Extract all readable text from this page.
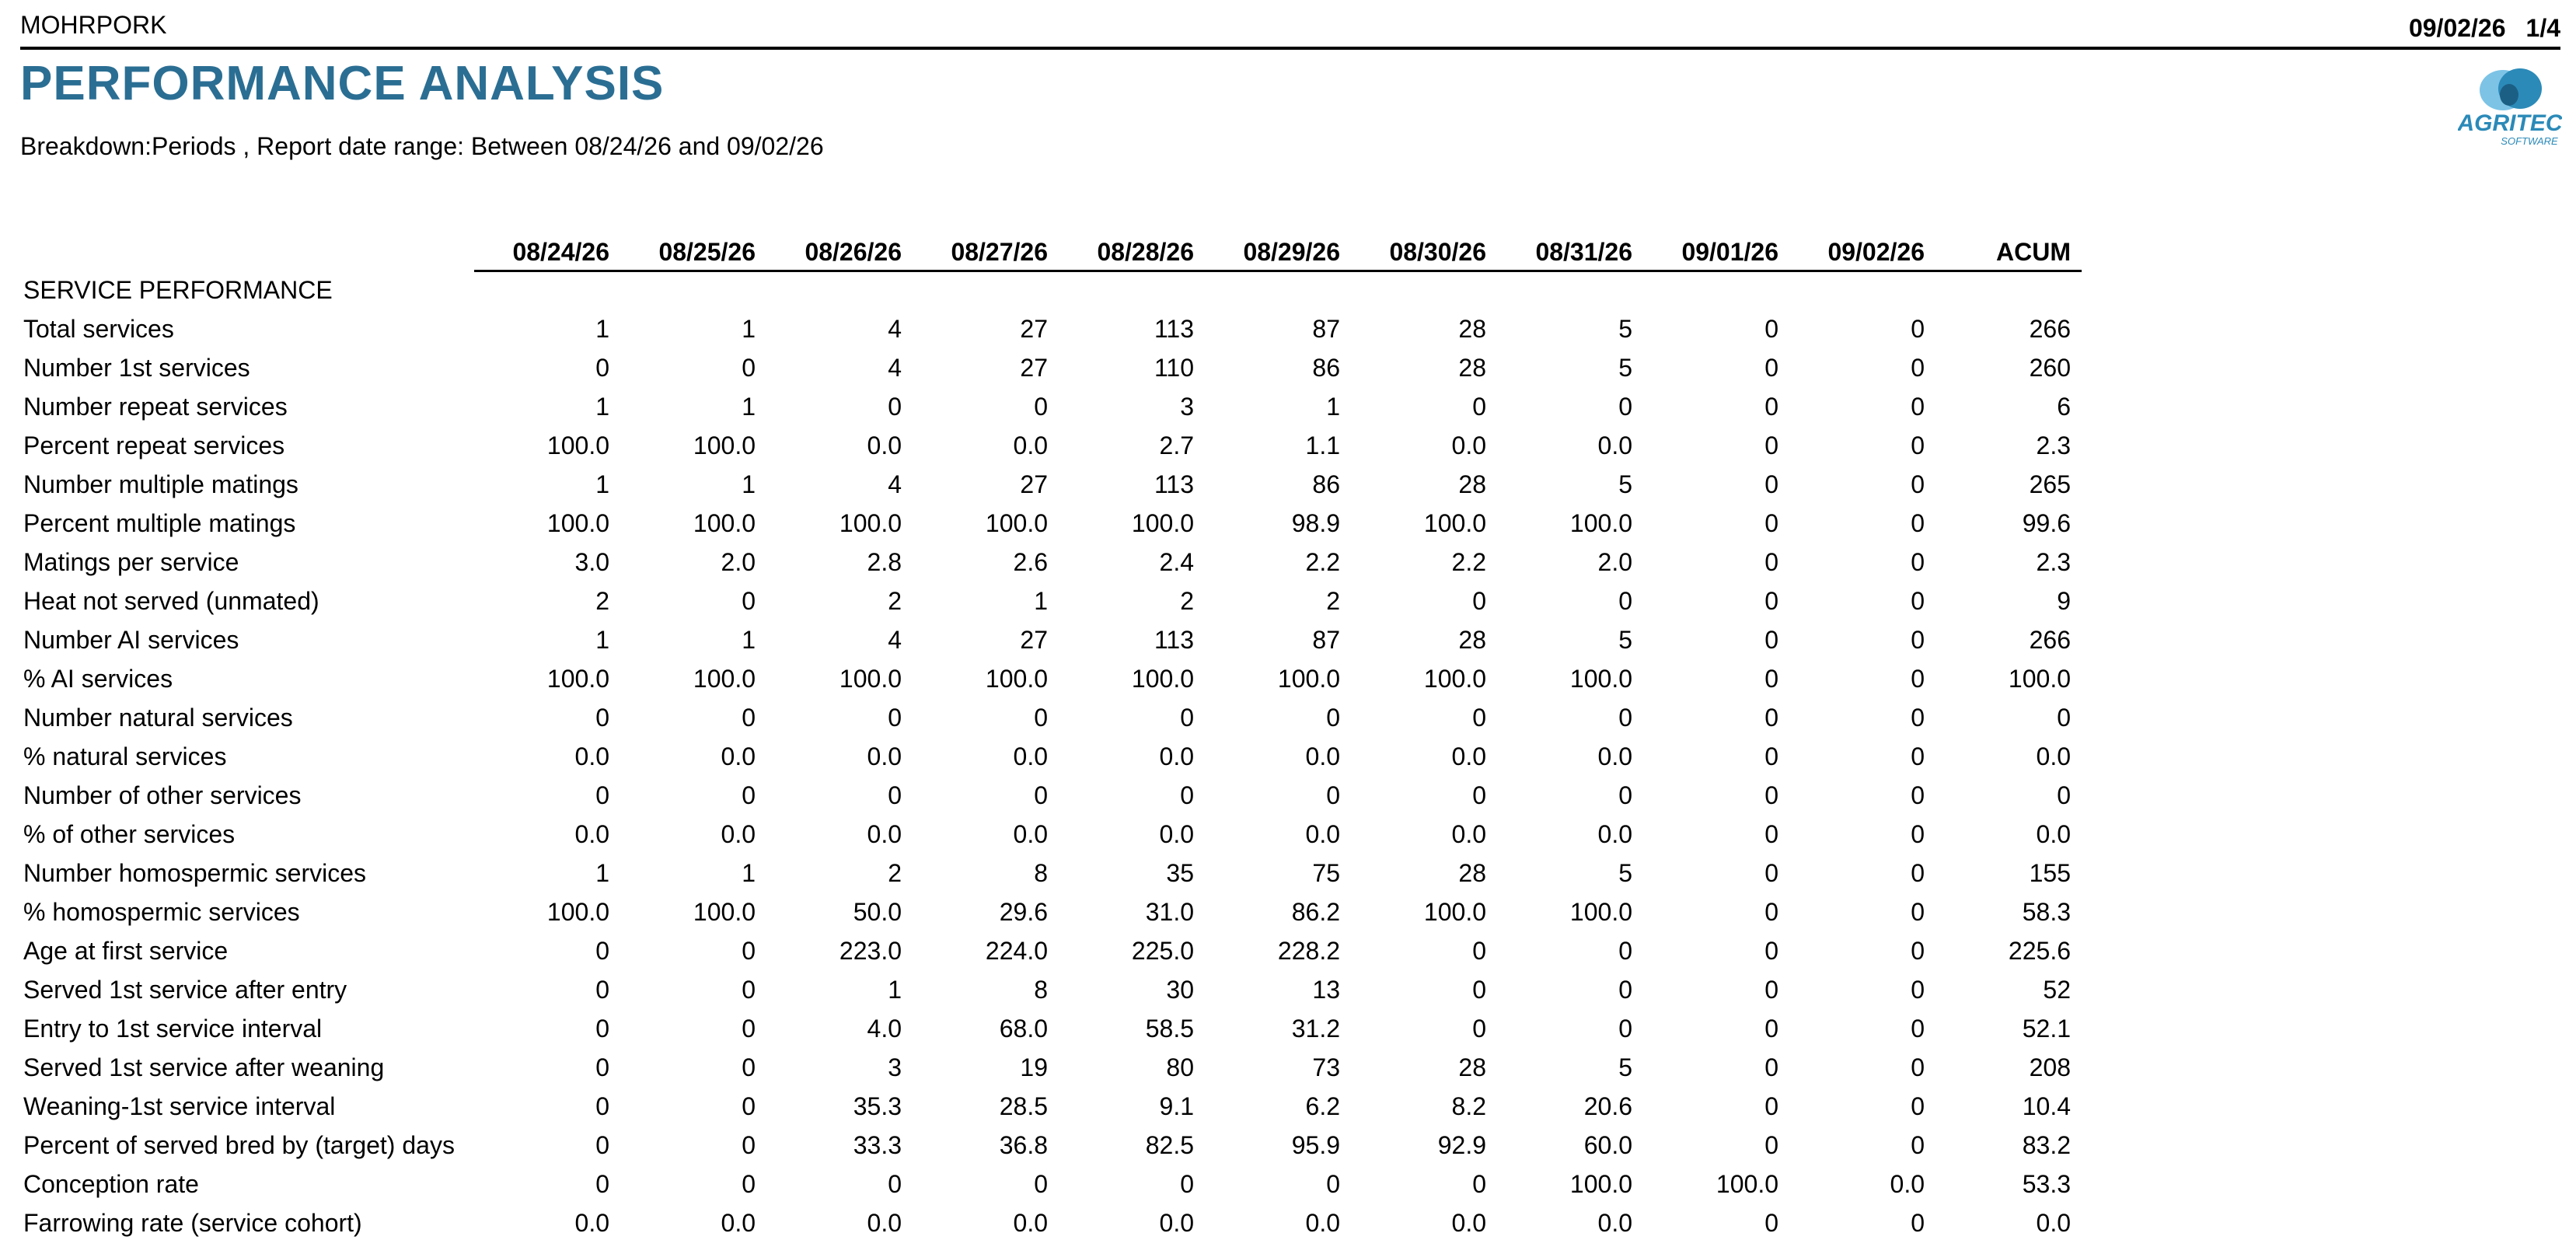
MOHRPORK	09/02/26 1/4
PERFORMANCE ANALYSIS
Breakdown:Periods , Report date range: Between 08/24/26 and 09/02/26
AGRITEC
SOFTWARE
	08/24/26	08/25/26	08/26/26	08/27/26	08/28/26	08/29/26	08/30/26	08/31/26	09/01/26	09/02/26	ACUM
SERVICE PERFORMANCE											
Total services	1	1	4	27	113	87	28	5	0	0	266
Number 1st services	0	0	4	27	110	86	28	5	0	0	260
Number repeat services	1	1	0	0	3	1	0	0	0	0	6
Percent repeat services	100.0	100.0	0.0	0.0	2.7	1.1	0.0	0.0	0	0	2.3
Number multiple matings	1	1	4	27	113	86	28	5	0	0	265
Percent multiple matings	100.0	100.0	100.0	100.0	100.0	98.9	100.0	100.0	0	0	99.6
Matings per service	3.0	2.0	2.8	2.6	2.4	2.2	2.2	2.0	0	0	2.3
Heat not served (unmated)	2	0	2	1	2	2	0	0	0	0	9
Number AI services	1	1	4	27	113	87	28	5	0	0	266
% AI services	100.0	100.0	100.0	100.0	100.0	100.0	100.0	100.0	0	0	100.0
Number natural services	0	0	0	0	0	0	0	0	0	0	0
% natural services	0.0	0.0	0.0	0.0	0.0	0.0	0.0	0.0	0	0	0.0
Number of other services	0	0	0	0	0	0	0	0	0	0	0
% of other services	0.0	0.0	0.0	0.0	0.0	0.0	0.0	0.0	0	0	0.0
Number homospermic services	1	1	2	8	35	75	28	5	0	0	155
% homospermic services	100.0	100.0	50.0	29.6	31.0	86.2	100.0	100.0	0	0	58.3
Age at first service	0	0	223.0	224.0	225.0	228.2	0	0	0	0	225.6
Served 1st service after entry	0	0	1	8	30	13	0	0	0	0	52
Entry to 1st service interval	0	0	4.0	68.0	58.5	31.2	0	0	0	0	52.1
Served 1st service after weaning	0	0	3	19	80	73	28	5	0	0	208
Weaning-1st service interval	0	0	35.3	28.5	9.1	6.2	8.2	20.6	0	0	10.4
Percent of served bred by (target) days	0	0	33.3	36.8	82.5	95.9	92.9	60.0	0	0	83.2
Conception rate	0	0	0	0	0	0	0	100.0	100.0	0.0	53.3
Farrowing rate (service cohort)	0.0	0.0	0.0	0.0	0.0	0.0	0.0	0.0	0	0	0.0
